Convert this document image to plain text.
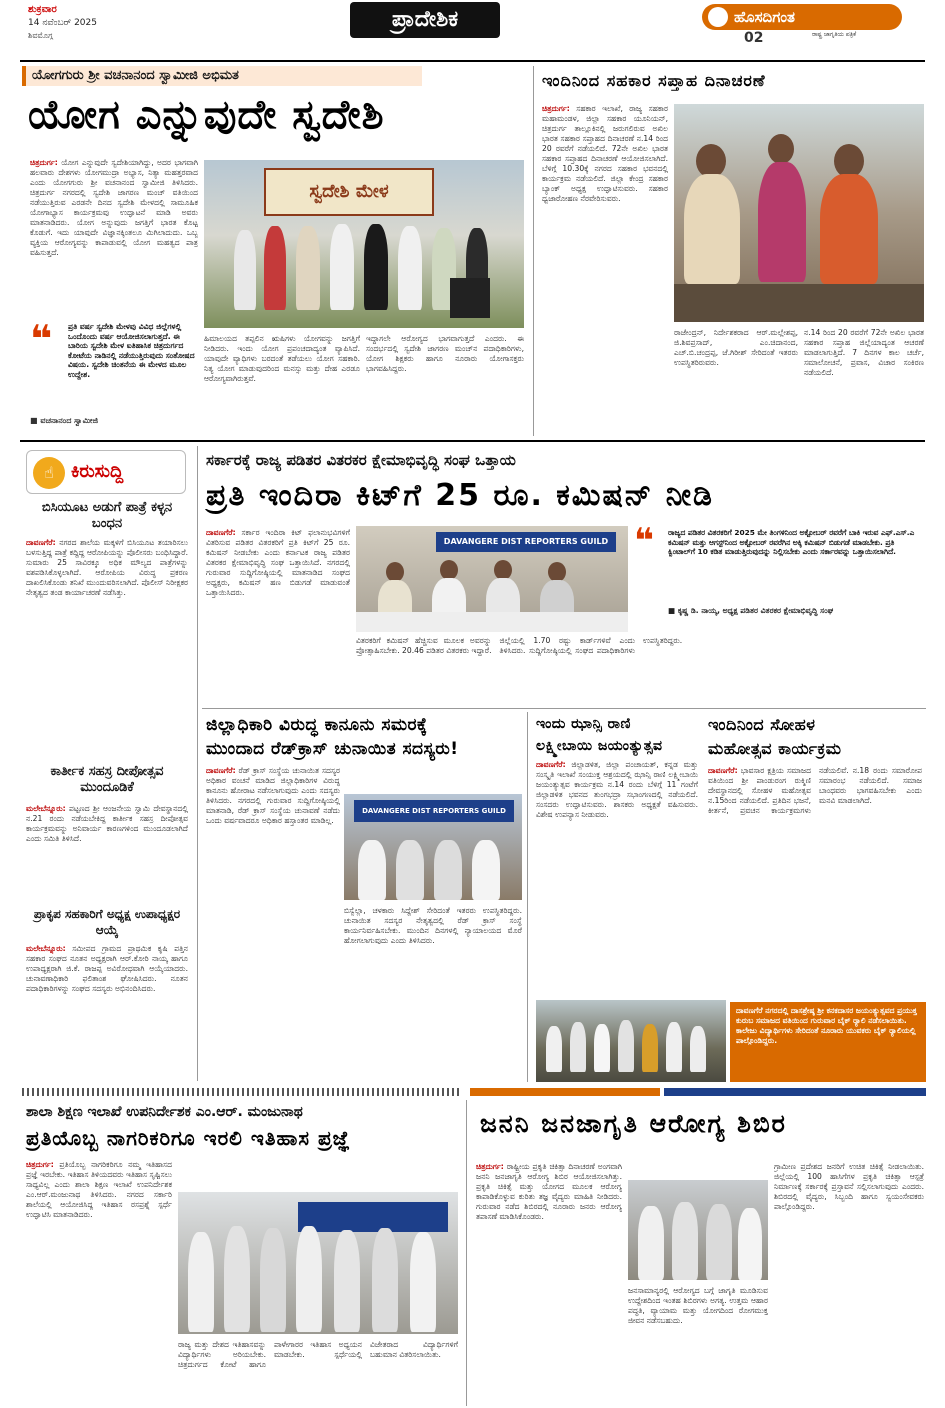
ಶುಕ್ರವಾರ
14 ನವೆಂಬರ್ 2025
ಶಿವಮೊಗ್ಗ
ಪ್ರಾದೇಶಿಕ	ಹೊಸದಿಗಂತ
ರಾಷ್ಟ್ರ ಜಾಗೃತಿಯ ಪತ್ರಿಕೆ
02
ಯೋಗಗುರು ಶ್ರೀ ವಚನಾನಂದ ಸ್ವಾಮೀಜಿ ಅಭಿಮತ
ಯೋಗ ಎನ್ನುವುದೇ ಸ್ವದೇಶಿ
ಚಿತ್ರದುರ್ಗ: ಯೋಗ ಎನ್ನುವುದೇ ಸ್ವದೇಶಿಯಾಗಿದ್ದು, ಅದರ ಭಾಗವಾಗಿ ಹಲವಾರು ದೇಶಗಳು ಯೋಗಮುದ್ರಾ ಅಭ್ಯಾಸ, ನಿತ್ಯಾ ಮಹತ್ತರವಾದ ಎಂದು ಯೋಗಗುರು ಶ್ರೀ ವಚನಾನಂದ ಸ್ವಾಮೀಜಿ ತಿಳಿಸಿದರು. ಚಿತ್ರದುರ್ಗ ನಗರದಲ್ಲಿ ಸ್ವದೇಶಿ ಜಾಗರಣ ಮಂಚ್ ವತಿಯಿಂದ ನಡೆಯುತ್ತಿರುವ ಎರಡನೇ ದಿನದ ಸ್ವದೇಶಿ ಮೇಳದಲ್ಲಿ ಸಾಮೂಹಿಕ ಯೋಗಾಭ್ಯಾಸ ಕಾರ್ಯಕ್ರಮವು ಉದ್ಘಾಟನೆ ಮಾಡಿ ಅವರು ಮಾತನಾಡಿದರು. ಯೋಗ ಅನ್ನುವುದು ಜಗತ್ತಿಗೆ ಭಾರತ ಕೊಟ್ಟ ಕೊಡುಗೆ. ಇದು ಯಾವುದೇ ವಿಜ್ಞಾನಕ್ಕಿಂತಲೂ ಮಿಗಿಲಾದುದು. ಒಬ್ಬ ವ್ಯಕ್ತಿಯ ಆರೋಗ್ಯವನ್ನು ಕಾಪಾಡುವಲ್ಲಿ ಯೋಗ ಮಹತ್ವದ ಪಾತ್ರ ವಹಿಸುತ್ತದೆ.
ಸ್ವದೇಶಿ ಮೇಳ
❝ ಪ್ರತಿ ವರ್ಷ ಸ್ವದೇಶಿ ಮೇಳವು ವಿವಿಧ ಜಿಲ್ಲೆಗಳಲ್ಲಿ ಒಂದೊಂದು ವರ್ಷ ಆಯೋಜಿಸಲಾಗುತ್ತದೆ. ಈ ಬಾರಿಯ ಸ್ವದೇಶಿ ಮೇಳ ಐತಿಹಾಸಿಕ ಚಿತ್ರದುರ್ಗದ ಕೋಟೆಯ ನಾಡಿನಲ್ಲಿ ನಡೆಯುತ್ತಿರುವುದು ಸಂತೋಷದ ವಿಷಯ. ಸ್ವದೇಶಿ ಚಿಂತನೆಯ ಈ ಮೇಳದ ಮೂಲ ಉದ್ದೇಶ.
■ ವಚನಾನಂದ ಸ್ವಾಮೀಜಿ
ಹಿಮಾಲಯದ ತಪ್ಪಲಿನ ಋಷಿಗಳು ಯೋಗವನ್ನು ಜಗತ್ತಿಗೆ ನೀಡಿದರು. ಇಂದು ಯೋಗ ಪ್ರಪಂಚದಾದ್ಯಂತ ವ್ಯಾಪಿಸಿದೆ. ಯಾವುದೇ ವ್ಯಾಧಿಗಳು ಬರದಂತೆ ತಡೆಯಲು ಯೋಗ ಸಹಕಾರಿ. ನಿತ್ಯ ಯೋಗ ಮಾಡುವುದರಿಂದ ಮನಸ್ಸು ಮತ್ತು ದೇಹ ಎರಡೂ ಆರೋಗ್ಯವಾಗಿರುತ್ತವೆ.
ಇದ್ದಾಗಲೇ ಆರೋಗ್ಯದ ಭಾಗವಾಗುತ್ತದೆ ಎಂದರು. ಈ ಸಂದರ್ಭದಲ್ಲಿ ಸ್ವದೇಶಿ ಜಾಗರಣ ಮಂಚ್‌ನ ಪದಾಧಿಕಾರಿಗಳು, ಯೋಗ ಶಿಕ್ಷಕರು ಹಾಗೂ ನೂರಾರು ಯೋಗಾಸಕ್ತರು ಭಾಗವಹಿಸಿದ್ದರು.
ಇಂದಿನಿಂದ ಸಹಕಾರ ಸಪ್ತಾಹ ದಿನಾಚರಣೆ
ಚಿತ್ರದುರ್ಗ: ಸಹಕಾರ ಇಲಾಖೆ, ರಾಜ್ಯ ಸಹಕಾರ ಮಹಾಮಂಡಳ, ಜಿಲ್ಲಾ ಸಹಕಾರ ಯೂನಿಯನ್, ಚಿತ್ರದುರ್ಗ ತಾಲ್ಲೂಕಿನಲ್ಲಿ ಜರುಗಲಿರುವ ಅಖಿಲ ಭಾರತ ಸಹಕಾರ ಸಪ್ತಾಹದ ದಿನಾಚರಣೆ ನ.14 ರಿಂದ 20 ರವರೆಗೆ ನಡೆಯಲಿದೆ. 72ನೇ ಅಖಿಲ ಭಾರತ ಸಹಕಾರ ಸಪ್ತಾಹದ ದಿನಾಚರಣೆ ಆಯೋಜಿಸಲಾಗಿದೆ. ಬೆಳಿಗ್ಗೆ 10.30ಕ್ಕೆ ನಗರದ ಸಹಕಾರ ಭವನದಲ್ಲಿ ಕಾರ್ಯಕ್ರಮ ನಡೆಯಲಿದೆ. ಜಿಲ್ಲಾ ಕೇಂದ್ರ ಸಹಕಾರ ಬ್ಯಾಂಕ್ ಅಧ್ಯಕ್ಷ ಉದ್ಘಾಟಿಸುವರು. ಸಹಕಾರ ಧ್ವಜಾರೋಹಣ ನೆರವೇರಿಸುವರು.
ರಾಜೇಂದ್ರನ್, ನಿರ್ದೇಶಕರಾದ ಆರ್.ಮಲ್ಲೇಶಪ್ಪ, ಜಿ.ಶಿವಪ್ರಸಾದ್, ಎಂ.ಚಿದಾನಂದ, ಎಚ್.ಬಿ.ಚಂದ್ರಪ್ಪ, ಜೆ.ಗಿರೀಶ್ ಸೇರಿದಂತೆ ಇತರರು ಉಪಸ್ಥಿತರಿರುವರು.
ನ.14 ರಿಂದ 20 ರವರೆಗೆ 72ನೇ ಅಖಿಲ ಭಾರತ ಸಹಕಾರ ಸಪ್ತಾಹ ಜಿಲ್ಲೆಯಾದ್ಯಂತ ಆಚರಣೆ ಮಾಡಲಾಗುತ್ತಿದೆ. 7 ದಿನಗಳ ಕಾಲ ಚರ್ಚೆ, ಸಮಾಲೋಚನೆ, ಪ್ರವಾಸ, ವಿಚಾರ ಸಂಕಿರಣ ನಡೆಯಲಿದೆ.
☝ ಕಿರುಸುದ್ದಿ
ಬಿಸಿಯೂಟ ಅಡುಗೆ ಪಾತ್ರೆ ಕಳ್ಳನ ಬಂಧನ
ದಾವಣಗೆರೆ: ನಗರದ ಶಾಲೆಯ ಮಕ್ಕಳಿಗೆ ಬಿಸಿಯೂಟ ತಯಾರಿಸಲು ಬಳಸುತ್ತಿದ್ದ ಪಾತ್ರೆ ಕದ್ದಿದ್ದ ಆರೋಪಿಯನ್ನು ಪೊಲೀಸರು ಬಂಧಿಸಿದ್ದಾರೆ. ಸುಮಾರು 25 ಸಾವಿರಕ್ಕೂ ಅಧಿಕ ಮೌಲ್ಯದ ಪಾತ್ರೆಗಳನ್ನು ವಶಪಡಿಸಿಕೊಳ್ಳಲಾಗಿದೆ. ಆರೋಪಿಯ ವಿರುದ್ಧ ಪ್ರಕರಣ ದಾಖಲಿಸಿಕೊಂಡು ತನಿಖೆ ಮುಂದುವರಿಸಲಾಗಿದೆ. ಪೊಲೀಸ್ ನಿರೀಕ್ಷಕರ ನೇತೃತ್ವದ ತಂಡ ಕಾರ್ಯಾಚರಣೆ ನಡೆಸಿತ್ತು.
ಕಾರ್ತೀಕ ಸಹಸ್ರ ದೀಪೋತ್ಸವ ಮುಂದೂಡಿಕೆ
ಮಲೇಬೆನ್ನೂರು: ಪಟ್ಟಣದ ಶ್ರೀ ಆಂಜನೇಯ ಸ್ವಾಮಿ ದೇವಸ್ಥಾನದಲ್ಲಿ ನ.21 ರಂದು ನಡೆಯಬೇಕಿದ್ದ ಕಾರ್ತೀಕ ಸಹಸ್ರ ದೀಪೋತ್ಸವ ಕಾರ್ಯಕ್ರಮವನ್ನು ಅನಿವಾರ್ಯ ಕಾರಣಗಳಿಂದ ಮುಂದೂಡಲಾಗಿದೆ ಎಂದು ಸಮಿತಿ ತಿಳಿಸಿದೆ.
ಪ್ರಾಕೃಪ ಸಹಕಾರಿಗೆ ಅಧ್ಯಕ್ಷ ಉಪಾಧ್ಯಕ್ಷರ ಆಯ್ಕೆ
ಮಲೇಬೆನ್ನೂರು: ಸಮೀಪದ ಗ್ರಾಮದ ಪ್ರಾಥಮಿಕ ಕೃಷಿ ಪತ್ತಿನ ಸಹಕಾರ ಸಂಘದ ನೂತನ ಅಧ್ಯಕ್ಷರಾಗಿ ಆರ್.ಕೋರಿ ನಾಯ್ಕ ಹಾಗೂ ಉಪಾಧ್ಯಕ್ಷರಾಗಿ ಜಿ.ಕೆ. ರಾಜಪ್ಪ ಅವಿರೋಧವಾಗಿ ಆಯ್ಕೆಯಾದರು. ಚುನಾವಣಾಧಿಕಾರಿ ಫಲಿತಾಂಶ ಘೋಷಿಸಿದರು. ನೂತನ ಪದಾಧಿಕಾರಿಗಳನ್ನು ಸಂಘದ ಸದಸ್ಯರು ಅಭಿನಂದಿಸಿದರು.
ಸರ್ಕಾರಕ್ಕೆ ರಾಜ್ಯ ಪಡಿತರ ವಿತರಕರ ಕ್ಷೇಮಾಭಿವೃದ್ಧಿ ಸಂಘ ಒತ್ತಾಯ
ಪ್ರತಿ ಇಂದಿರಾ ಕಿಟ್‌ಗೆ 25 ರೂ. ಕಮಿಷನ್ ನೀಡಿ
ದಾವಣಗೆರೆ: ಸರ್ಕಾರ ಇಂದಿರಾ ಕಿಟ್ ಫಲಾನುಭವಿಗಳಿಗೆ ವಿತರಿಸುವ ಪಡಿತರ ವಿತರಕರಿಗೆ ಪ್ರತಿ ಕಿಟ್‌ಗೆ 25 ರೂ. ಕಮಿಷನ್ ನೀಡಬೇಕು ಎಂದು ಕರ್ನಾಟಕ ರಾಜ್ಯ ಪಡಿತರ ವಿತರಕರ ಕ್ಷೇಮಾಭಿವೃದ್ಧಿ ಸಂಘ ಒತ್ತಾಯಿಸಿದೆ. ನಗರದಲ್ಲಿ ಗುರುವಾರ ಸುದ್ದಿಗೋಷ್ಠಿಯಲ್ಲಿ ಮಾತನಾಡಿದ ಸಂಘದ ಅಧ್ಯಕ್ಷರು, ಕಮಿಷನ್ ಹಣ ಬಿಡುಗಡೆ ಮಾಡುವಂತೆ ಒತ್ತಾಯಿಸಿದರು.
DAVANGERE DIST REPORTERS GUILD ❝ ರಾಜ್ಯದ ಪಡಿತರ ವಿತರಕರಿಗೆ 2025 ಮೇ ತಿಂಗಳಿನಿಂದ ಅಕ್ಟೋಬರ್ ರವರೆಗೆ ಬಾಕಿ ಇರುವ ಎಫ್.ಎಸ್.ಎ ಕಮಿಷನ್ ಮತ್ತು ಆಗಸ್ಟ್‌ನಿಂದ ಅಕ್ಟೋಬರ್ ರವರೆಗಿನ ಅಕ್ಕಿ ಕಮಿಷನ್ ಬಿಡುಗಡೆ ಮಾಡಬೇಕು. ಪ್ರತಿ ಕ್ವಿಂಟಾಲ್‌ಗೆ 10 ಕಡಿತ ಮಾಡುತ್ತಿರುವುದನ್ನು ನಿಲ್ಲಿಸಬೇಕು ಎಂದು ಸರ್ಕಾರವನ್ನು ಒತ್ತಾಯಿಸಲಾಗಿದೆ.
■ ಕೃಷ್ಣ ಡಿ. ನಾಯ್ಕ, ಅಧ್ಯಕ್ಷ ಪಡಿತರ ವಿತರಕರ ಕ್ಷೇಮಾಭಿವೃದ್ಧಿ ಸಂಘ
ವಿತರಕರಿಗೆ ಕಮಿಷನ್ ಹೆಚ್ಚಿಸುವ ಮೂಲಕ ಅವರನ್ನು ಪ್ರೋತ್ಸಾಹಿಸಬೇಕು. 20.46 ಪಡಿತರ ವಿತರಕರು ಇದ್ದಾರೆ. ಜಿಲ್ಲೆಯಲ್ಲಿ 1.70 ರಷ್ಟು ಕಾರ್ಡ್‌ಗಳಿವೆ ಎಂದು ತಿಳಿಸಿದರು. ಸುದ್ದಿಗೋಷ್ಠಿಯಲ್ಲಿ ಸಂಘದ ಪದಾಧಿಕಾರಿಗಳು ಉಪಸ್ಥಿತರಿದ್ದರು.
ಜಿಲ್ಲಾಧಿಕಾರಿ ವಿರುದ್ಧ ಕಾನೂನು ಸಮರಕ್ಕೆ
ಮುಂದಾದ ರೆಡ್‌ಕ್ರಾಸ್ ಚುನಾಯಿತ ಸದಸ್ಯರು!
ದಾವಣಗೆರೆ: ರೆಡ್ ಕ್ರಾಸ್ ಸಂಸ್ಥೆಯ ಚುನಾಯಿತ ಸದಸ್ಯರ ಅಧಿಕಾರ ವಂಚನೆ ಮಾಡಿದ ಜಿಲ್ಲಾಧಿಕಾರಿಗಳ ವಿರುದ್ಧ ಕಾನೂನು ಹೋರಾಟ ನಡೆಸಲಾಗುವುದು ಎಂದು ಸದಸ್ಯರು ತಿಳಿಸಿದರು. ನಗರದಲ್ಲಿ ಗುರುವಾರ ಸುದ್ದಿಗೋಷ್ಠಿಯಲ್ಲಿ ಮಾತನಾಡಿ, ರೆಡ್ ಕ್ರಾಸ್ ಸಂಸ್ಥೆಯ ಚುನಾವಣೆ ನಡೆದು ಒಂದು ವರ್ಷವಾದರೂ ಅಧಿಕಾರ ಹಸ್ತಾಂತರ ಮಾಡಿಲ್ಲ.
DAVANGERE DIST REPORTERS GUILD
ಬಿಸ್ವೆಲ್ಲಾ, ಚಳಕಾರು ಸಿದ್ದೇಶ್ ಸೇರಿದಂತೆ ಇತರರು ಉಪಸ್ಥಿತರಿದ್ದರು. ಚುನಾಯಿತ ಸದಸ್ಯರ ನೇತೃತ್ವದಲ್ಲಿ ರೆಡ್ ಕ್ರಾಸ್ ಸಂಸ್ಥೆ ಕಾರ್ಯನಿರ್ವಹಿಸಬೇಕು. ಮುಂದಿನ ದಿನಗಳಲ್ಲಿ ನ್ಯಾಯಾಲಯದ ಮೊರೆ ಹೋಗಲಾಗುವುದು ಎಂದು ತಿಳಿಸಿದರು.
ಇಂದು ಝಾನ್ಸಿ ರಾಣಿ
ಲಕ್ಷ್ಮೀಬಾಯಿ ಜಯಂತ್ಯುತ್ಸವ
ದಾವಣಗೆರೆ: ಜಿಲ್ಲಾಡಳಿತ, ಜಿಲ್ಲಾ ಪಂಚಾಯತ್, ಕನ್ನಡ ಮತ್ತು ಸಂಸ್ಕೃತಿ ಇಲಾಖೆ ಸಂಯುಕ್ತ ಆಶ್ರಯದಲ್ಲಿ ಝಾನ್ಸಿ ರಾಣಿ ಲಕ್ಷ್ಮೀಬಾಯಿ ಜಯಂತ್ಯುತ್ಸವ ಕಾರ್ಯಕ್ರಮ ನ.14 ರಂದು ಬೆಳಿಗ್ಗೆ 11 ಗಂಟೆಗೆ ಜಿಲ್ಲಾಡಳಿತ ಭವನದ ತುಂಗಭದ್ರಾ ಸಭಾಂಗಣದಲ್ಲಿ ನಡೆಯಲಿದೆ. ಸಂಸದರು ಉದ್ಘಾಟಿಸುವರು. ಶಾಸಕರು ಅಧ್ಯಕ್ಷತೆ ವಹಿಸುವರು. ವಿಶೇಷ ಉಪನ್ಯಾಸ ನೀಡುವರು.
ಇಂದಿನಿಂದ ಸೋಹಳ
ಮಹೋತ್ಸವ ಕಾರ್ಯಕ್ರಮ
ದಾವಣಗೆರೆ: ಭಾವಸಾರ ಕ್ಷತ್ರಿಯ ಸಮಾಜದ ವತಿಯಿಂದ ಶ್ರೀ ಪಾಂಡುರಂಗ ರುಕ್ಮಿಣಿ ದೇವಸ್ಥಾನದಲ್ಲಿ ಸೋಹಳ ಮಹೋತ್ಸವ ನ.15ರಿಂದ ನಡೆಯಲಿದೆ. ಪ್ರತಿದಿನ ಭಜನೆ, ಕೀರ್ತನೆ, ಪ್ರವಚನ ಕಾರ್ಯಕ್ರಮಗಳು ನಡೆಯಲಿವೆ. ನ.18 ರಂದು ಸಮಾರೋಪ ಸಮಾರಂಭ ನಡೆಯಲಿದೆ. ಸಮಾಜ ಬಾಂಧವರು ಭಾಗವಹಿಸಬೇಕು ಎಂದು ಮನವಿ ಮಾಡಲಾಗಿದೆ.
ದಾವಣಗೆರೆ ನಗರದಲ್ಲಿ ದಾಸಶ್ರೇಷ್ಠ ಶ್ರೀ ಕನಕದಾಸರ ಜಯಂತ್ಯುತ್ಸವದ ಪ್ರಯುಕ್ತ ಕುರುಬ ಸಮಾಜದ ವತಿಯಿಂದ ಗುರುವಾರ ಬೈಕ್ ರ‍್ಯಾಲಿ ನಡೆಸಲಾಯಿತು. ಕಾಲೇಜು ವಿದ್ಯಾರ್ಥಿಗಳು ಸೇರಿದಂತೆ ನೂರಾರು ಯುವಕರು ಬೈಕ್ ರ‍್ಯಾಲಿಯಲ್ಲಿ ಪಾಲ್ಗೊಂಡಿದ್ದರು.
ಶಾಲಾ ಶಿಕ್ಷಣ ಇಲಾಖೆ ಉಪನಿರ್ದೇಶಕ ಎಂ.ಆರ್. ಮಂಜುನಾಥ
ಪ್ರತಿಯೊಬ್ಬ ನಾಗರಿಕರಿಗೂ ಇರಲಿ ಇತಿಹಾಸ ಪ್ರಜ್ಞೆ
ಚಿತ್ರದುರ್ಗ: ಪ್ರತಿಯೊಬ್ಬ ನಾಗರಿಕರಿಗೂ ನಮ್ಮ ಇತಿಹಾಸದ ಪ್ರಜ್ಞೆ ಇರಬೇಕು. ಇತಿಹಾಸ ತಿಳಿಯದವರು ಇತಿಹಾಸ ಸೃಷ್ಟಿಸಲು ಸಾಧ್ಯವಿಲ್ಲ ಎಂದು ಶಾಲಾ ಶಿಕ್ಷಣ ಇಲಾಖೆ ಉಪನಿರ್ದೇಶಕ ಎಂ.ಆರ್.ಮಂಜುನಾಥ ತಿಳಿಸಿದರು. ನಗರದ ಸರ್ಕಾರಿ ಶಾಲೆಯಲ್ಲಿ ಆಯೋಜಿಸಿದ್ದ ಇತಿಹಾಸ ರಸಪ್ರಶ್ನೆ ಸ್ಪರ್ಧೆ ಉದ್ಘಾಟಿಸಿ ಮಾತನಾಡಿದರು.
ರಾಜ್ಯ ಮತ್ತು ದೇಶದ ಇತಿಹಾಸವನ್ನು ವಿದ್ಯಾರ್ಥಿಗಳು ಅರಿಯಬೇಕು. ಚಿತ್ರದುರ್ಗದ ಕೋಟೆ ಹಾಗೂ ಪಾಳೇಗಾರರ ಇತಿಹಾಸ ಅಧ್ಯಯನ ಮಾಡಬೇಕು. ಸ್ಪರ್ಧೆಯಲ್ಲಿ ವಿಜೇತರಾದ ವಿದ್ಯಾರ್ಥಿಗಳಿಗೆ ಬಹುಮಾನ ವಿತರಿಸಲಾಯಿತು.
ಜನನಿ ಜನಜಾಗೃತಿ ಆರೋಗ್ಯ ಶಿಬಿರ
ಚಿತ್ರದುರ್ಗ: ರಾಷ್ಟ್ರೀಯ ಪ್ರಕೃತಿ ಚಿಕಿತ್ಸಾ ದಿನಾಚರಣೆ ಅಂಗವಾಗಿ ಜನನಿ ಜನಜಾಗೃತಿ ಆರೋಗ್ಯ ಶಿಬಿರ ಆಯೋಜಿಸಲಾಗಿತ್ತು. ಪ್ರಕೃತಿ ಚಿಕಿತ್ಸೆ ಮತ್ತು ಯೋಗದ ಮೂಲಕ ಆರೋಗ್ಯ ಕಾಪಾಡಿಕೊಳ್ಳುವ ಕುರಿತು ತಜ್ಞ ವೈದ್ಯರು ಮಾಹಿತಿ ನೀಡಿದರು. ಗುರುವಾರ ನಡೆದ ಶಿಬಿರದಲ್ಲಿ ನೂರಾರು ಜನರು ಆರೋಗ್ಯ ತಪಾಸಣೆ ಮಾಡಿಸಿಕೊಂಡರು.
ಜನಸಾಮಾನ್ಯರಲ್ಲಿ ಆರೋಗ್ಯದ ಬಗ್ಗೆ ಜಾಗೃತಿ ಮೂಡಿಸುವ ಉದ್ದೇಶದಿಂದ ಇಂತಹ ಶಿಬಿರಗಳು ಅಗತ್ಯ. ಉತ್ತಮ ಆಹಾರ ಪದ್ಧತಿ, ವ್ಯಾಯಾಮ ಮತ್ತು ಯೋಗದಿಂದ ರೋಗಮುಕ್ತ ಜೀವನ ನಡೆಸಬಹುದು.
ಗ್ರಾಮೀಣ ಪ್ರದೇಶದ ಜನರಿಗೆ ಉಚಿತ ಚಿಕಿತ್ಸೆ ನೀಡಲಾಯಿತು. ಜಿಲ್ಲೆಯಲ್ಲಿ 100 ಹಾಸಿಗೆಗಳ ಪ್ರಕೃತಿ ಚಿಕಿತ್ಸಾ ಆಸ್ಪತ್ರೆ ನಿರ್ಮಾಣಕ್ಕೆ ಸರ್ಕಾರಕ್ಕೆ ಪ್ರಸ್ತಾವನೆ ಸಲ್ಲಿಸಲಾಗುವುದು ಎಂದರು. ಶಿಬಿರದಲ್ಲಿ ವೈದ್ಯರು, ಸಿಬ್ಬಂದಿ ಹಾಗೂ ಸ್ವಯಂಸೇವಕರು ಪಾಲ್ಗೊಂಡಿದ್ದರು.
